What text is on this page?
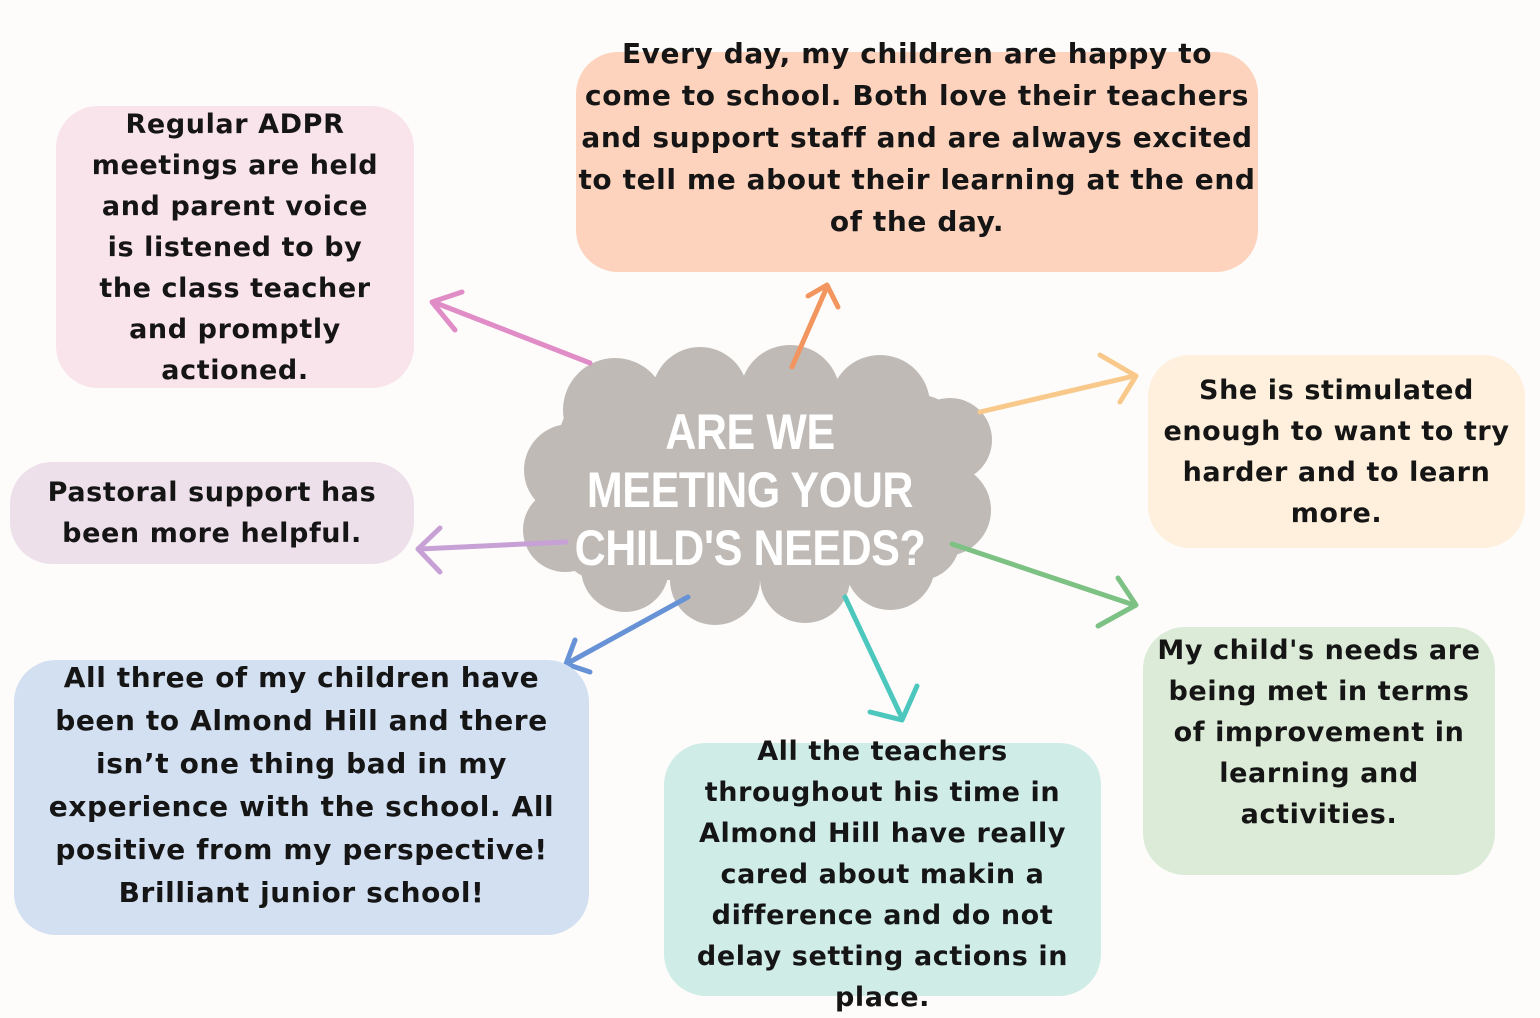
Regular ADPR meetings are held and parent voice is listened to by the class teacher and promptly actioned.
Pastoral support has been more helpful.
All three of my children have been to Almond Hill and there isn’t one thing bad in my experience with the school. All positive from my perspective! Brilliant junior school!
Every day, my children are happy to come to school. Both love their teachers and support staff and are always excited to tell me about their learning at the end of the day.
She is stimulated enough to want to try harder and to learn more.
My child's needs are being met in terms of improvement in learning and activities.
All the teachers throughout his time in Almond Hill have really cared about makin a difference and do not delay setting actions in place.
ARE WE MEETING YOUR CHILD'S NEEDS?
